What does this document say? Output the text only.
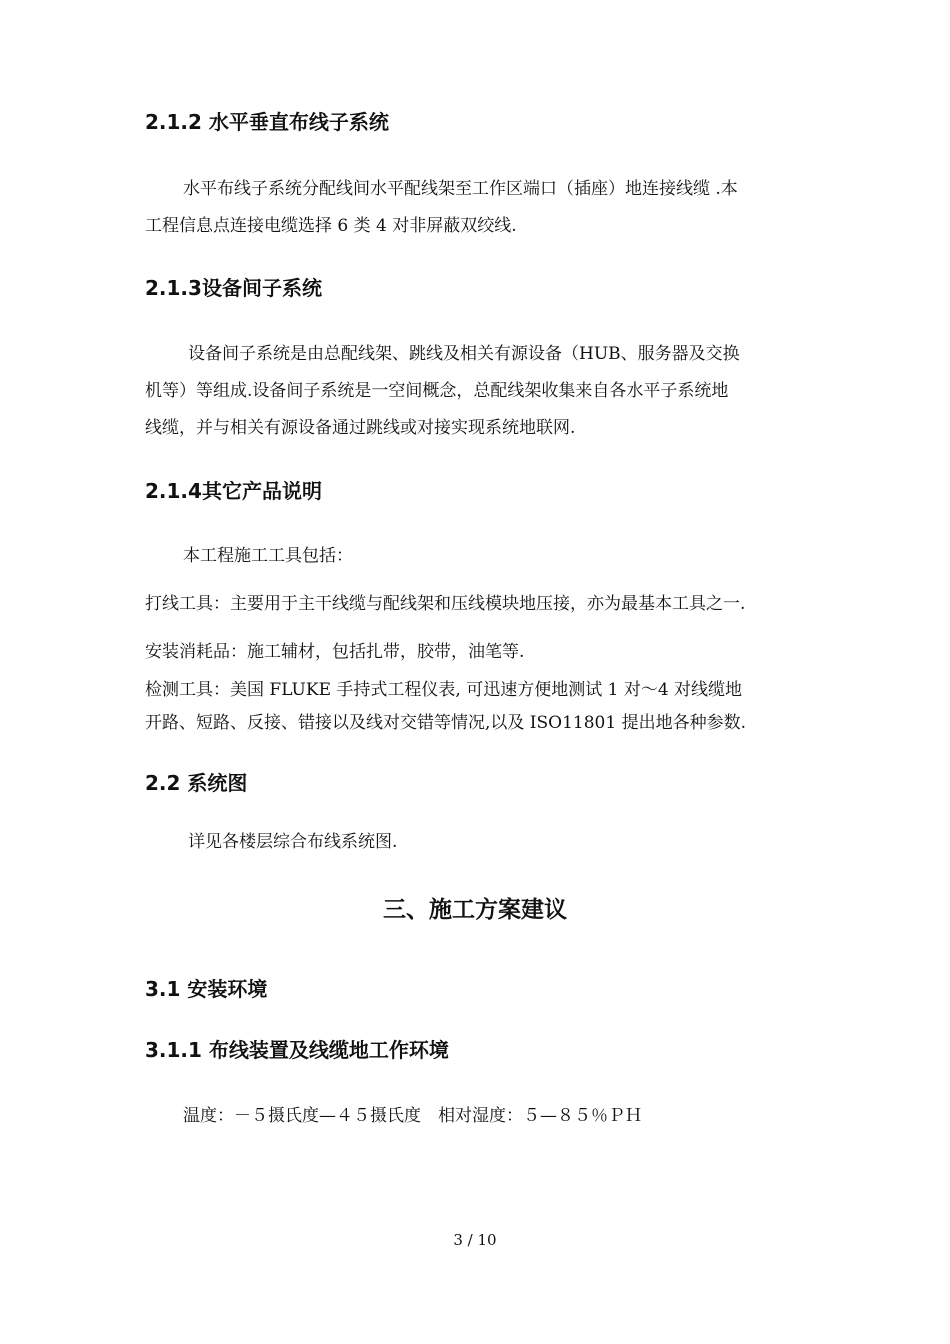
2.1.2 水平垂直布线子系统
水平布线子系统分配线间水平配线架至工作区端口（插座）地连接线缆 .本
工程信息点连接电缆选择 6 类 4 对非屏蔽双绞线.
2.1.3设备间子系统
设备间子系统是由总配线架、跳线及相关有源设备（HUB、服务器及交换
机等）等组成.设备间子系统是一空间概念，总配线架收集来自各水平子系统地
线缆，并与相关有源设备通过跳线或对接实现系统地联网.
2.1.4其它产品说明
本工程施工工具包括：
打线工具：主要用于主干线缆与配线架和压线模块地压接，亦为最基本工具之一.
安装消耗品：施工辅材，包括扎带，胶带，油笔等.
检测工具：美国 FLUKE 手持式工程仪表, 可迅速方便地测试 1 对～4 对线缆地
开路、短路、反接、错接以及线对交错等情况,以及 ISO11801 提出地各种参数.
2.2 系统图
详见各楼层综合布线系统图.
三、施工方案建议
3.1 安装环境
3.1.1 布线装置及线缆地工作环境
温度：－５摄氏度—４５摄氏度　相对湿度：５—８５％ＰＨ
3 / 10
